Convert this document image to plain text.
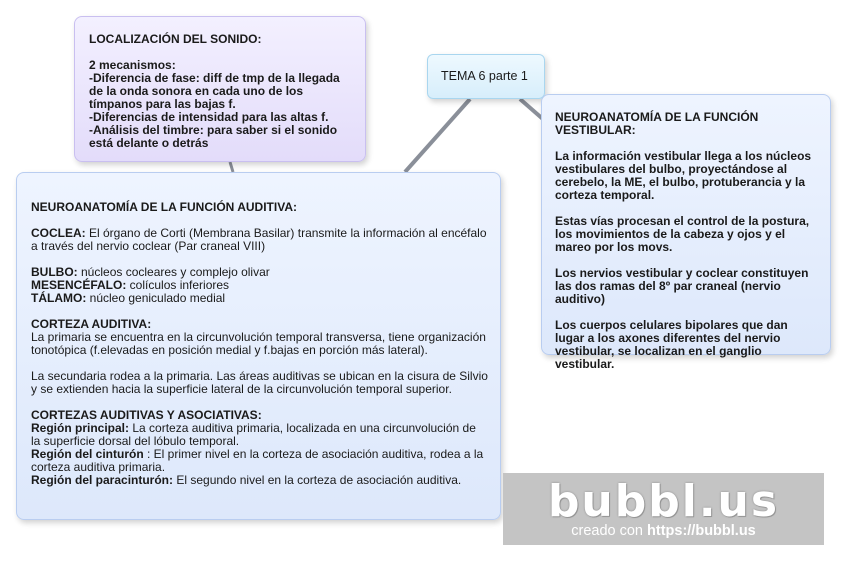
LOCALIZACIÓN DEL SONIDO:

2 mecanismos:

-Diferencia de fase: diff de tmp de la llegada de la onda sonora en cada uno de los tímpanos para las bajas f.

-Diferencias de intensidad para las altas f.

-Análisis del timbre: para saber si el sonido está delante o detrás

TEMA 6 parte 1

NEUROANATOMÍA DE LA FUNCIÓN VESTIBULAR:

La información vestibular llega a los núcleos vestibulares del bulbo, proyectándose al cerebelo, la ME, el bulbo, protuberancia y la corteza temporal.

Estas vías procesan el control de la postura, los movimientos de la cabeza y ojos y el mareo por los movs.

Los nervios vestibular y coclear constituyen las dos ramas del 8º par craneal (nervio auditivo)

Los cuerpos celulares bipolares que dan lugar a los axones diferentes del nervio vestibular, se localizan en el ganglio vestibular.

NEUROANATOMÍA DE LA FUNCIÓN AUDITIVA:

COCLEA: El órgano de Corti (Membrana Basilar) transmite la información al encéfalo a través del nervio coclear (Par craneal VIII)

BULBO: núcleos cocleares y complejo olivar

MESENCÉFALO: colículos inferiores

TÁLAMO: núcleo geniculado medial

CORTEZA AUDITIVA:

La primaria se encuentra en la circunvolución temporal transversa, tiene organización tonotópica (f.elevadas en posición medial y f.bajas en porción más lateral).

La secundaria rodea a la primaria. Las áreas auditivas se ubican en la cisura de Silvio y se extienden hacia la superficie lateral de la circunvolución temporal superior.

CORTEZAS AUDITIVAS Y ASOCIATIVAS:

Región principal: La corteza auditiva primaria, localizada en una circunvolución de la superficie dorsal del lóbulo temporal.

Región del cinturón : El primer nivel en la corteza de asociación auditiva, rodea a la corteza auditiva primaria.

Región del paracinturón: El segundo nivel en la corteza de asociación auditiva.	bubbl.us
creado con https://bubbl.us
